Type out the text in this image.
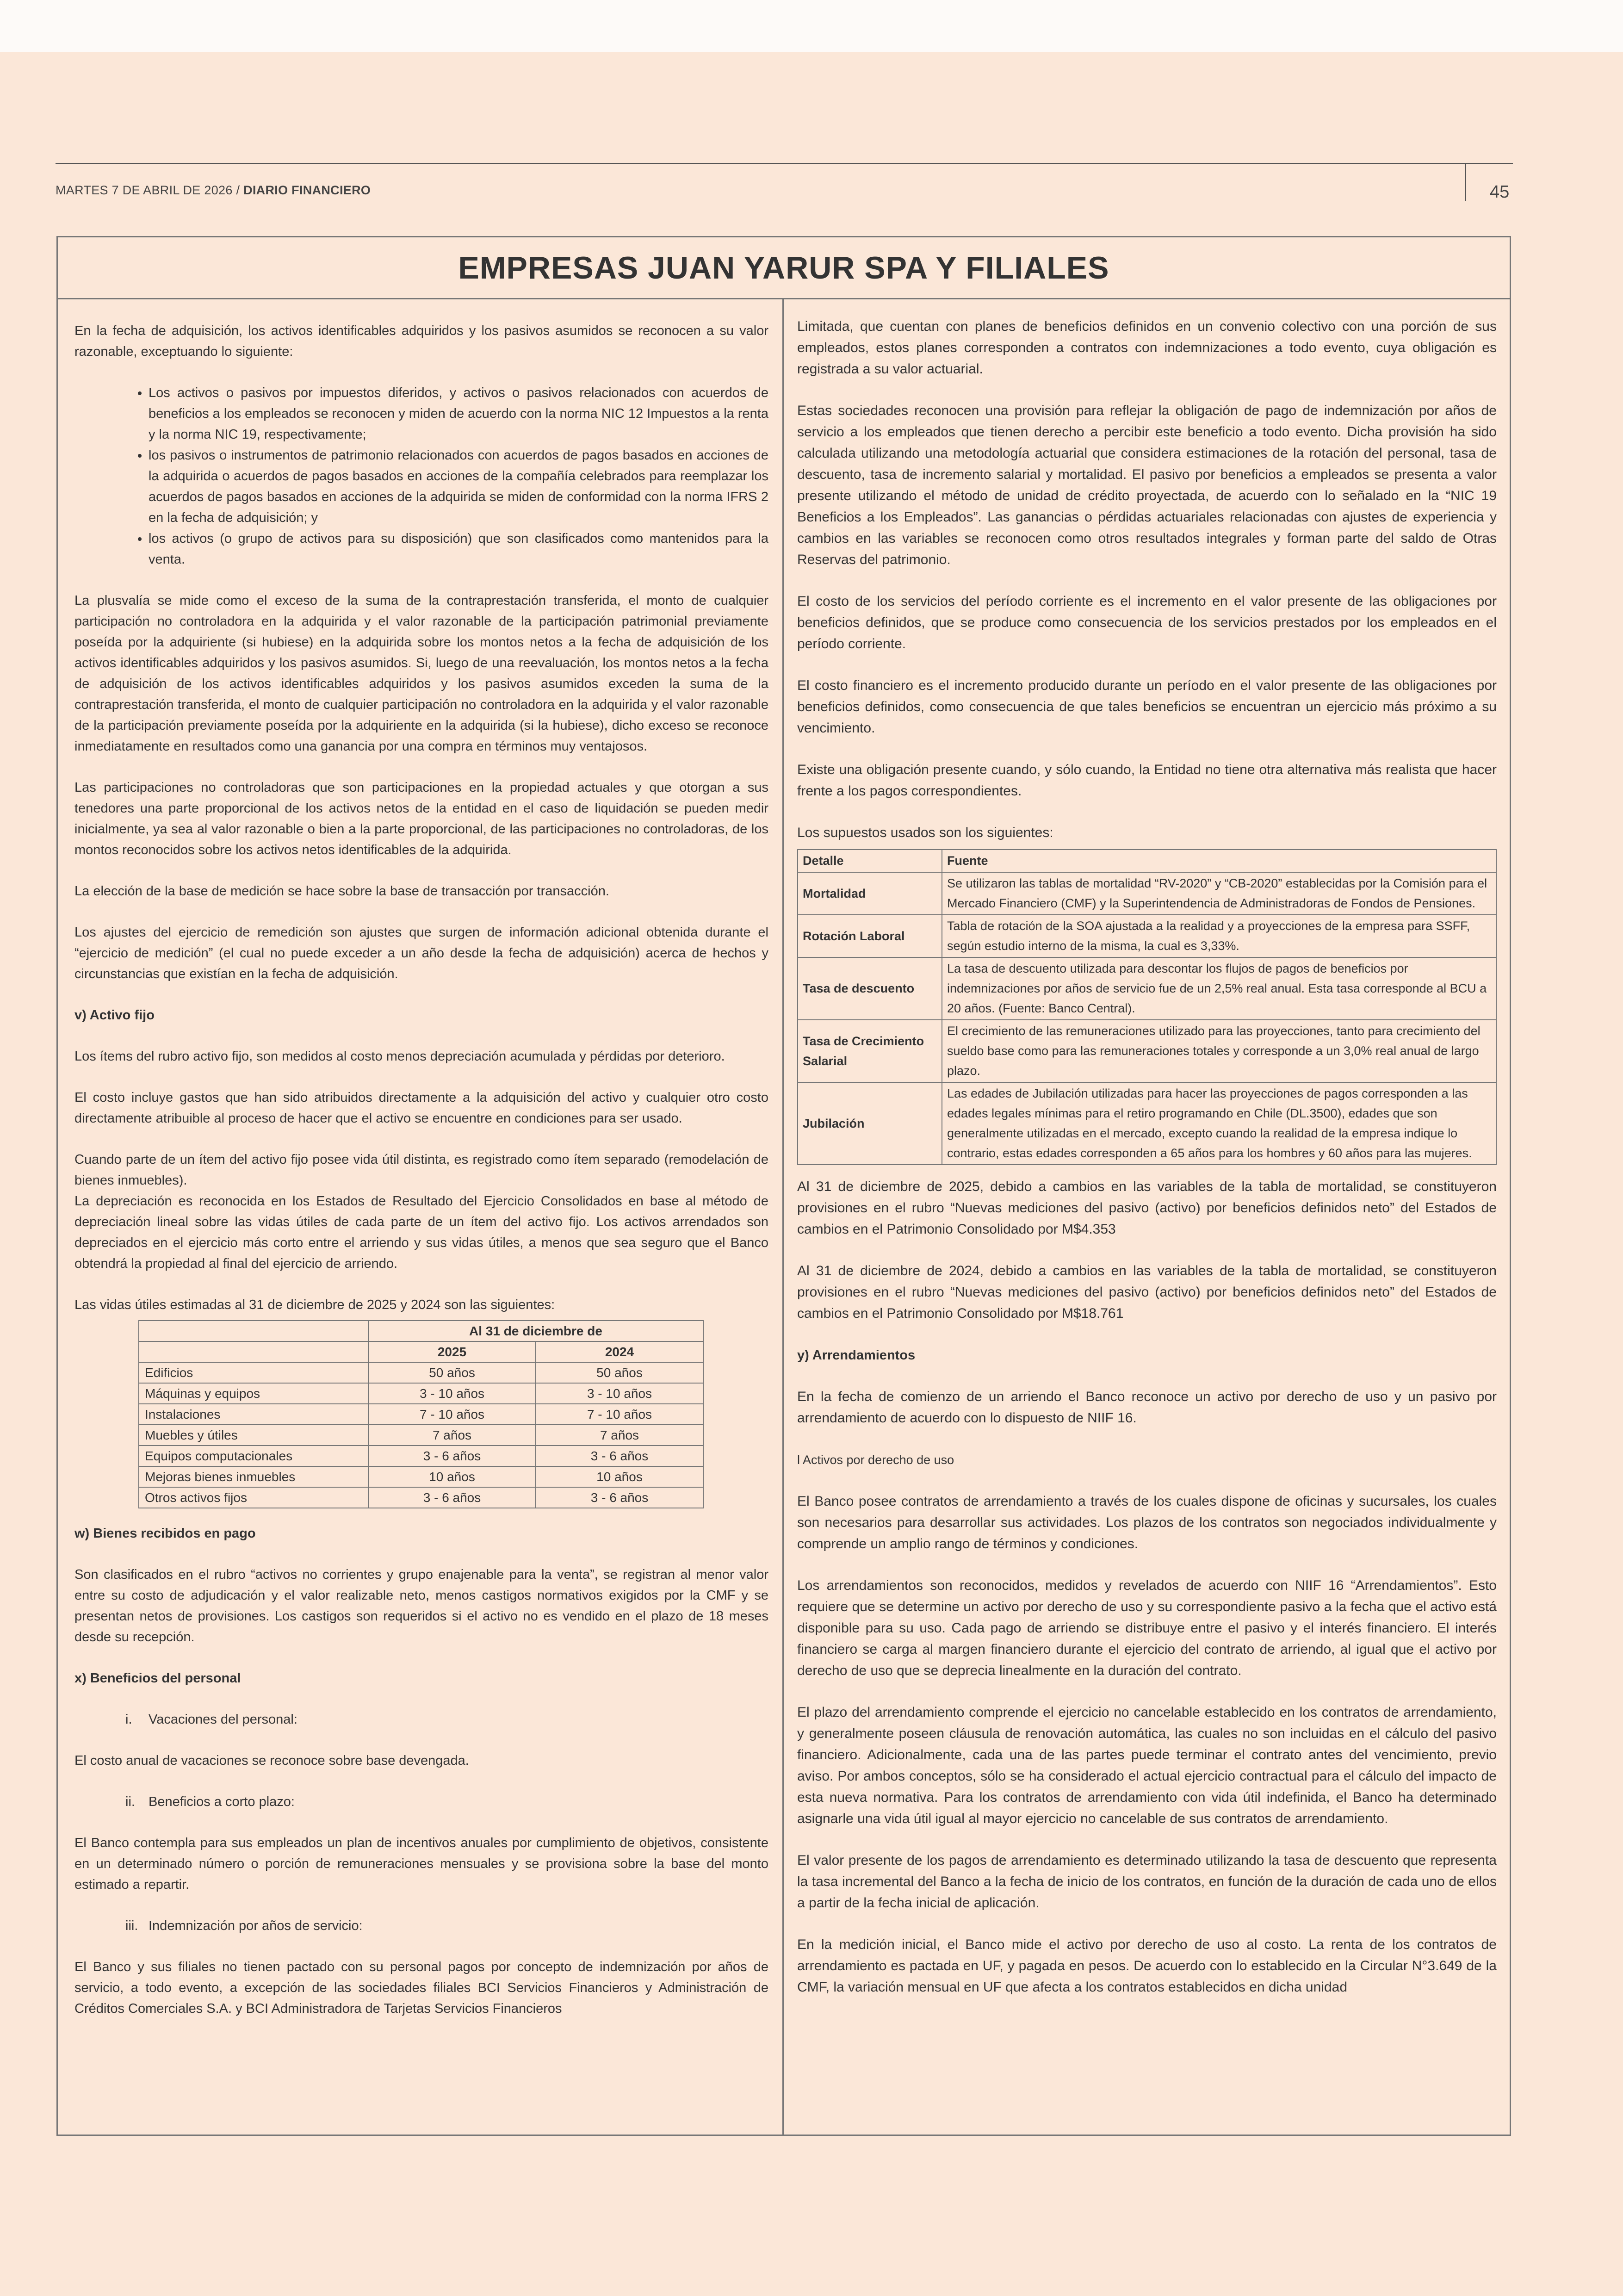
MARTES 7 DE ABRIL DE 2026 / DIARIO FINANCIERO	45
EMPRESAS JUAN YARUR SPA Y FILIALES

En la fecha de adquisición, los activos identificables adquiridos y los pasivos asumidos se reconocen a su valor razonable, exceptuando lo siguiente:

• Los activos o pasivos por impuestos diferidos, y activos o pasivos relacionados con acuerdos de beneficios a los empleados se reconocen y miden de acuerdo con la norma NIC 12 Impuestos a la renta y la norma NIC 19, respectivamente;
• los pasivos o instrumentos de patrimonio relacionados con acuerdos de pagos basados en acciones de la adquirida o acuerdos de pagos basados en acciones de la compañía celebrados para reemplazar los acuerdos de pagos basados en acciones de la adquirida se miden de conformidad con la norma IFRS 2 en la fecha de adquisición; y
• los activos (o grupo de activos para su disposición) que son clasificados como mantenidos para la venta.

La plusvalía se mide como el exceso de la suma de la contraprestación transferida, el monto de cualquier participación no controladora en la adquirida y el valor razonable de la participación patrimonial previamente poseída por la adquiriente (si hubiese) en la adquirida sobre los montos netos a la fecha de adquisición de los activos identificables adquiridos y los pasivos asumidos. Si, luego de una reevaluación, los montos netos a la fecha de adquisición de los activos identificables adquiridos y los pasivos asumidos exceden la suma de la contraprestación transferida, el monto de cualquier participación no controladora en la adquirida y el valor razonable de la participación previamente poseída por la adquiriente en la adquirida (si la hubiese), dicho exceso se reconoce inmediatamente en resultados como una ganancia por una compra en términos muy ventajosos.

Las participaciones no controladoras que son participaciones en la propiedad actuales y que otorgan a sus tenedores una parte proporcional de los activos netos de la entidad en el caso de liquidación se pueden medir inicialmente, ya sea al valor razonable o bien a la parte proporcional, de las participaciones no controladoras, de los montos reconocidos sobre los activos netos identificables de la adquirida.

La elección de la base de medición se hace sobre la base de transacción por transacción.

Los ajustes del ejercicio de remedición son ajustes que surgen de información adicional obtenida durante el “ejercicio de medición” (el cual no puede exceder a un año desde la fecha de adquisición) acerca de hechos y circunstancias que existían en la fecha de adquisición.

v) Activo fijo

Los ítems del rubro activo fijo, son medidos al costo menos depreciación acumulada y pérdidas por deterioro.

El costo incluye gastos que han sido atribuidos directamente a la adquisición del activo y cualquier otro costo directamente atribuible al proceso de hacer que el activo se encuentre en condiciones para ser usado.

Cuando parte de un ítem del activo fijo posee vida útil distinta, es registrado como ítem separado (remodelación de bienes inmuebles).

La depreciación es reconocida en los Estados de Resultado del Ejercicio Consolidados en base al método de depreciación lineal sobre las vidas útiles de cada parte de un ítem del activo fijo. Los activos arrendados son depreciados en el ejercicio más corto entre el arriendo y sus vidas útiles, a menos que sea seguro que el Banco obtendrá la propiedad al final del ejercicio de arriendo.

Las vidas útiles estimadas al 31 de diciembre de 2025 y 2024 son las siguientes:

	Al 31 de diciembre de	
	2025	2024
Edificios	50 años	50 años
Máquinas y equipos	3 - 10 años	3 - 10 años
Instalaciones	7 - 10 años	7 - 10 años
Muebles y útiles	7 años	7 años
Equipos computacionales	3 - 6 años	3 - 6 años
Mejoras bienes inmuebles	10 años	10 años
Otros activos fijos	3 - 6 años	3 - 6 años
w) Bienes recibidos en pago

Son clasificados en el rubro “activos no corrientes y grupo enajenable para la venta”, se registran al menor valor entre su costo de adjudicación y el valor realizable neto, menos castigos normativos exigidos por la CMF y se presentan netos de provisiones. Los castigos son requeridos si el activo no es vendido en el plazo de 18 meses desde su recepción.

x) Beneficios del personal
i. Vacaciones del personal:

El costo anual de vacaciones se reconoce sobre base devengada.

ii. Beneficios a corto plazo:

El Banco contempla para sus empleados un plan de incentivos anuales por cumplimiento de objetivos, consistente en un determinado número o porción de remuneraciones mensuales y se provisiona sobre la base del monto estimado a repartir.

iii. Indemnización por años de servicio:

El Banco y sus filiales no tienen pactado con su personal pagos por concepto de indemnización por años de servicio, a todo evento, a excepción de las sociedades filiales BCI Servicios Financieros y Administración de Créditos Comerciales S.A. y BCI Administradora de Tarjetas Servicios Financieros

Limitada, que cuentan con planes de beneficios definidos en un convenio colectivo con una porción de sus empleados, estos planes corresponden a contratos con indemnizaciones a todo evento, cuya obligación es registrada a su valor actuarial.

Estas sociedades reconocen una provisión para reflejar la obligación de pago de indemnización por años de servicio a los empleados que tienen derecho a percibir este beneficio a todo evento. Dicha provisión ha sido calculada utilizando una metodología actuarial que considera estimaciones de la rotación del personal, tasa de descuento, tasa de incremento salarial y mortalidad. El pasivo por beneficios a empleados se presenta a valor presente utilizando el método de unidad de crédito proyectada, de acuerdo con lo señalado en la “NIC 19 Beneficios a los Empleados”. Las ganancias o pérdidas actuariales relacionadas con ajustes de experiencia y cambios en las variables se reconocen como otros resultados integrales y forman parte del saldo de Otras Reservas del patrimonio.

El costo de los servicios del período corriente es el incremento en el valor presente de las obligaciones por beneficios definidos, que se produce como consecuencia de los servicios prestados por los empleados en el período corriente.

El costo financiero es el incremento producido durante un período en el valor presente de las obligaciones por beneficios definidos, como consecuencia de que tales beneficios se encuentran un ejercicio más próximo a su vencimiento.

Existe una obligación presente cuando, y sólo cuando, la Entidad no tiene otra alternativa más realista que hacer frente a los pagos correspondientes.

Los supuestos usados son los siguientes:

Detalle	Fuente
Mortalidad	Se utilizaron las tablas de mortalidad “RV-2020” y “CB-2020” establecidas por la Comisión para el Mercado Financiero (CMF) y la Superintendencia de Administradoras de Fondos de Pensiones.
Rotación Laboral	Tabla de rotación de la SOA ajustada a la realidad y a proyecciones de la empresa para SSFF, según estudio interno de la misma, la cual es 3,33%.
Tasa de descuento	La tasa de descuento utilizada para descontar los flujos de pagos de beneficios por indemnizaciones por años de servicio fue de un 2,5% real anual. Esta tasa corresponde al BCU a 20 años. (Fuente: Banco Central).
Tasa de Crecimiento Salarial	El crecimiento de las remuneraciones utilizado para las proyecciones, tanto para crecimiento del sueldo base como para las remuneraciones totales y corresponde a un 3,0% real anual de largo plazo.
Jubilación	Las edades de Jubilación utilizadas para hacer las proyecciones de pagos corresponden a las edades legales mínimas para el retiro programando en Chile (DL.3500), edades que son generalmente utilizadas en el mercado, excepto cuando la realidad de la empresa indique lo contrario, estas edades corresponden a 65 años para los hombres y 60 años para las mujeres.

Al 31 de diciembre de 2025, debido a cambios en las variables de la tabla de mortalidad, se constituyeron provisiones en el rubro “Nuevas mediciones del pasivo (activo) por beneficios definidos neto” del Estados de cambios en el Patrimonio Consolidado por M$4.353

Al 31 de diciembre de 2024, debido a cambios en las variables de la tabla de mortalidad, se constituyeron provisiones en el rubro “Nuevas mediciones del pasivo (activo) por beneficios definidos neto” del Estados de cambios en el Patrimonio Consolidado por M$18.761

y) Arrendamientos

En la fecha de comienzo de un arriendo el Banco reconoce un activo por derecho de uso y un pasivo por arrendamiento de acuerdo con lo dispuesto de NIIF 16.

l Activos por derecho de uso

El Banco posee contratos de arrendamiento a través de los cuales dispone de oficinas y sucursales, los cuales son necesarios para desarrollar sus actividades. Los plazos de los contratos son negociados individualmente y comprende un amplio rango de términos y condiciones.

Los arrendamientos son reconocidos, medidos y revelados de acuerdo con NIIF 16 “Arrendamientos”. Esto requiere que se determine un activo por derecho de uso y su correspondiente pasivo a la fecha que el activo está disponible para su uso. Cada pago de arriendo se distribuye entre el pasivo y el interés financiero. El interés financiero se carga al margen financiero durante el ejercicio del contrato de arriendo, al igual que el activo por derecho de uso que se deprecia linealmente en la duración del contrato.

El plazo del arrendamiento comprende el ejercicio no cancelable establecido en los contratos de arrendamiento, y generalmente poseen cláusula de renovación automática, las cuales no son incluidas en el cálculo del pasivo financiero. Adicionalmente, cada una de las partes puede terminar el contrato antes del vencimiento, previo aviso. Por ambos conceptos, sólo se ha considerado el actual ejercicio contractual para el cálculo del impacto de esta nueva normativa. Para los contratos de arrendamiento con vida útil indefinida, el Banco ha determinado asignarle una vida útil igual al mayor ejercicio no cancelable de sus contratos de arrendamiento.

El valor presente de los pagos de arrendamiento es determinado utilizando la tasa de descuento que representa la tasa incremental del Banco a la fecha de inicio de los contratos, en función de la duración de cada uno de ellos a partir de la fecha inicial de aplicación.

En la medición inicial, el Banco mide el activo por derecho de uso al costo. La renta de los contratos de arrendamiento es pactada en UF, y pagada en pesos. De acuerdo con lo establecido en la Circular N°3.649 de la CMF, la variación mensual en UF que afecta a los contratos establecidos en dicha unidad
